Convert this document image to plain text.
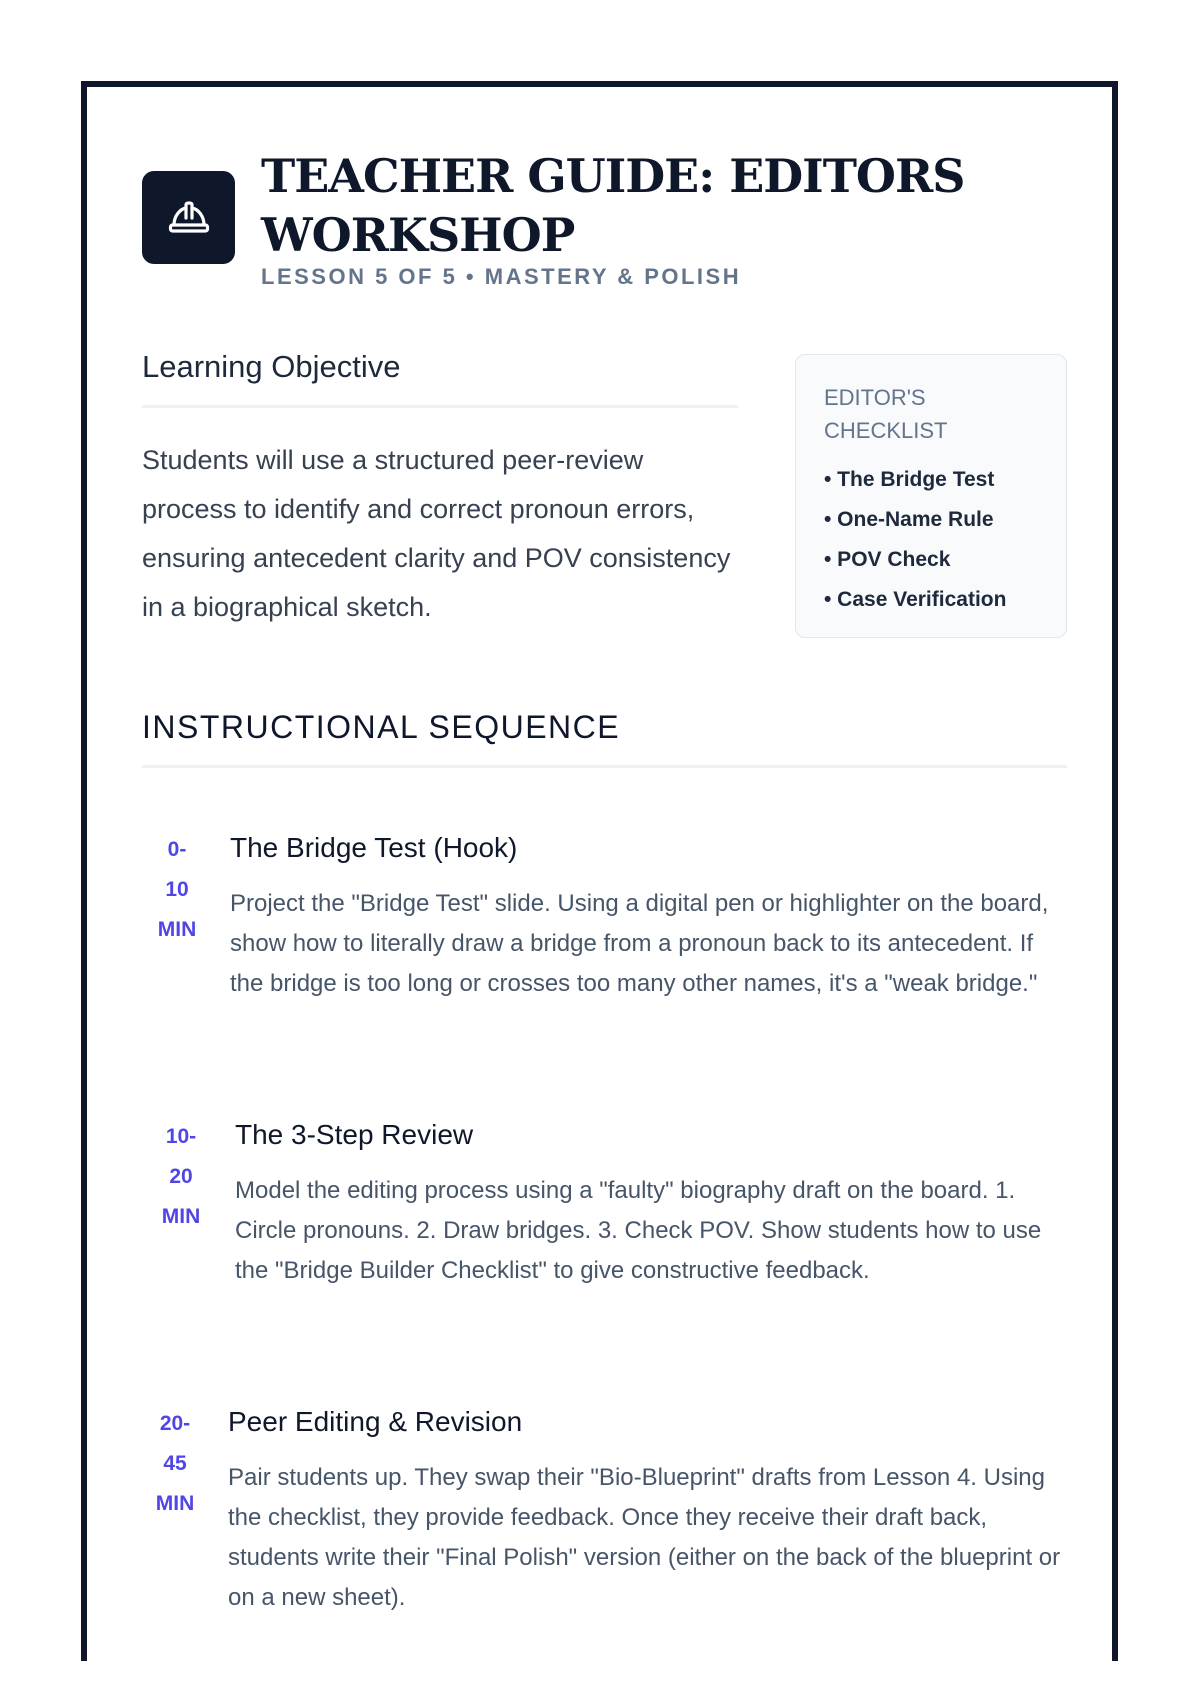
TEACHER GUIDE: EDITORS WORKSHOP
LESSON 5 OF 5 • MASTERY & POLISH
Learning Objective

Students will use a structured peer-review process to identify and correct pronoun errors, ensuring antecedent clarity and POV consistency in a biographical sketch.

EDITOR'S CHECKLIST
• The Bridge Test
• One-Name Rule
• POV Check
• Case Verification
INSTRUCTIONAL SEQUENCE
0-
10
MIN
The Bridge Test (Hook)

Project the "Bridge Test" slide. Using a digital pen or highlighter on the board, show how to literally draw a bridge from a pronoun back to its antecedent. If the bridge is too long or crosses too many other names, it's a "weak bridge."

10-
20
MIN
The 3-Step Review

Model the editing process using a "faulty" biography draft on the board. 1. Circle pronouns. 2. Draw bridges. 3. Check POV. Show students how to use the "Bridge Builder Checklist" to give constructive feedback.

20-
45
MIN
Peer Editing & Revision

Pair students up. They swap their "Bio-Blueprint" drafts from Lesson 4. Using the checklist, they provide feedback. Once they receive their draft back, students write their "Final Polish" version (either on the back of the blueprint or on a new sheet).
